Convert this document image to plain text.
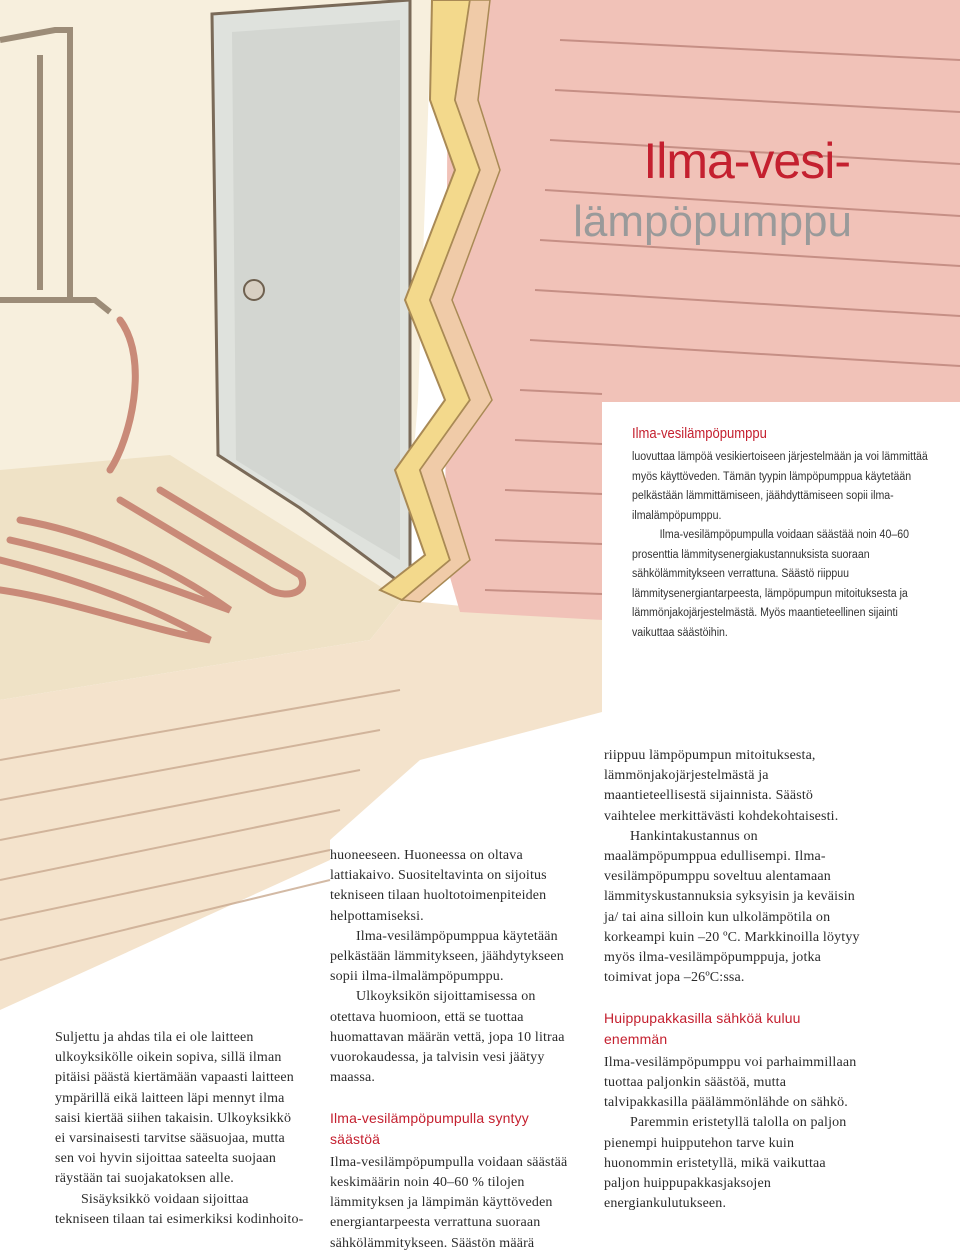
Ilma-vesi-
lämpöpumppu
Ilma-vesilämpöpumppu

luovuttaa lämpöä vesikiertoiseen järjestelmään ja voi lämmittää myös käyttöveden. Tämän tyypin lämpöpumppua käytetään pelkästään lämmittämiseen, jäähdyttämiseen sopii ilma-ilmalämpöpumppu.

Ilma-vesilämpöpumpulla voidaan säästää noin 40–60 prosenttia lämmitysenergiakustannuksista suoraan sähkölämmitykseen verrattuna. Säästö riippuu lämmitysenergiantarpeesta, lämpöpumpun mitoituksesta ja lämmönjakojärjestelmästä. Myös maantieteellinen sijainti vaikuttaa säästöihin.

Suljettu ja ahdas tila ei ole laitteen ulkoyksikölle oikein sopiva, sillä ilman pitäisi päästä kiertämään vapaasti laitteen ympärillä eikä laitteen läpi mennyt ilma saisi kiertää siihen takaisin. Ulkoyksikkö ei varsinaisesti tarvitse sääsuojaa, mutta sen voi hyvin sijoittaa sateelta suojaan räystään tai suojakatoksen alle.

Sisäyksikkö voidaan sijoittaa tekniseen tilaan tai esimerkiksi kodinhoito-

huoneeseen. Huoneessa on oltava lattiakaivo. Suositeltavinta on sijoitus tekniseen tilaan huoltotoimenpiteiden helpottamiseksi.

Ilma-vesilämpöpumppua käytetään pelkästään lämmitykseen, jäähdytykseen sopii ilma-ilmalämpöpumppu.

Ulkoyksikön sijoittamisessa on otettava huomioon, että se tuottaa huomattavan määrän vettä, jopa 10 litraa vuorokaudessa, ja talvisin vesi jäätyy maassa.

Ilma-vesilämpöpumpulla syntyy säästöä

Ilma-vesilämpöpumpulla voidaan säästää keskimäärin noin 40–60 % tilojen lämmityksen ja lämpimän käyttöveden energiantarpeesta verrattuna suoraan sähkölämmitykseen. Säästön määrä

riippuu lämpöpumpun mitoituksesta, lämmönjakojärjestelmästä ja maantieteellisestä sijainnista. Säästö vaihtelee merkittävästi kohdekohtaisesti.

Hankintakustannus on maalämpöpumppua edullisempi. Ilma-vesilämpöpumppu soveltuu alentamaan lämmityskustannuksia syksyisin ja keväisin ja/ tai aina silloin kun ulkolämpötila on korkeampi kuin –20 ºC. Markkinoilla löytyy myös ilma-vesilämpöpumppuja, jotka toimivat jopa –26ºC:ssa.

Huippupakkasilla sähköä kuluu enemmän

Ilma-vesilämpöpumppu voi parhaimmillaan tuottaa paljonkin säästöä, mutta talvipakkasilla päälämmönlähde on sähkö.

Paremmin eristetyllä talolla on paljon pienempi huipputehon tarve kuin huonommin eristetyllä, mikä vaikuttaa paljon huippupakkasjaksojen energiankulutukseen.
